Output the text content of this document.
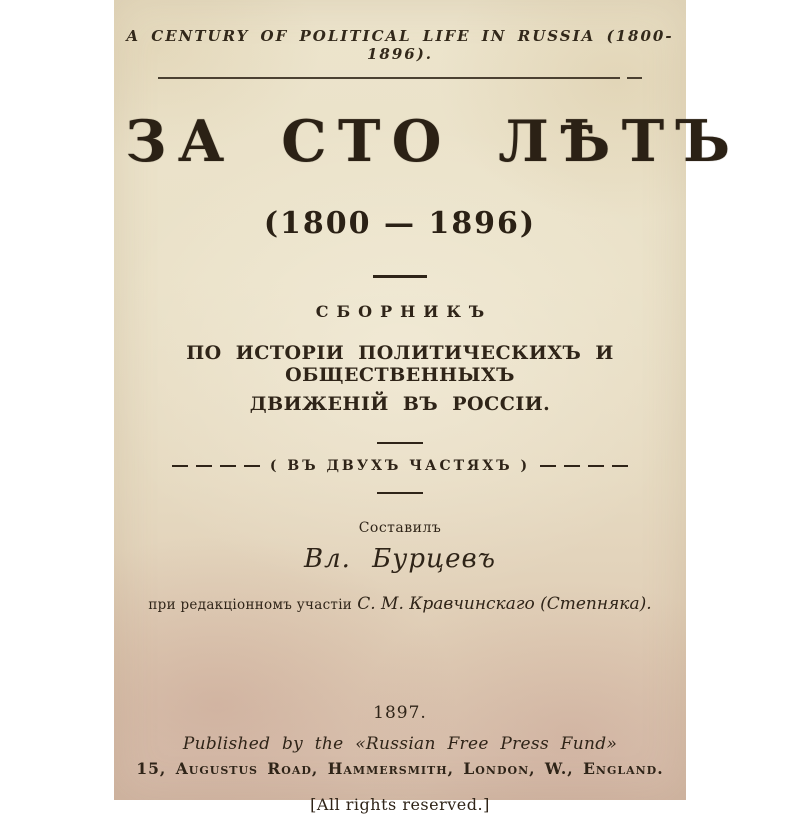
A CENTURY OF POLITICAL LIFE IN RUSSIA (1800-1896).
ЗА СТО ЛѢТЪ
(1800 — 1896)
СБОРНИКЪ
ПО ИСТОРІИ ПОЛИТИЧЕСКИХЪ И ОБЩЕСТВЕННЫХЪ
ДВИЖЕНІЙ ВЪ РОССІИ.
( ВЪ ДВУХЪ ЧАСТЯХЪ )
Составилъ
Вл. Бурцевъ
при редакціонномъ участіи С. М. Кравчинскаго (Степняка).
1897.
Published by the «Russian Free Press Fund»
15, Augustus Road, Hammersmith, London, W., England.
[All rights reserved.]
